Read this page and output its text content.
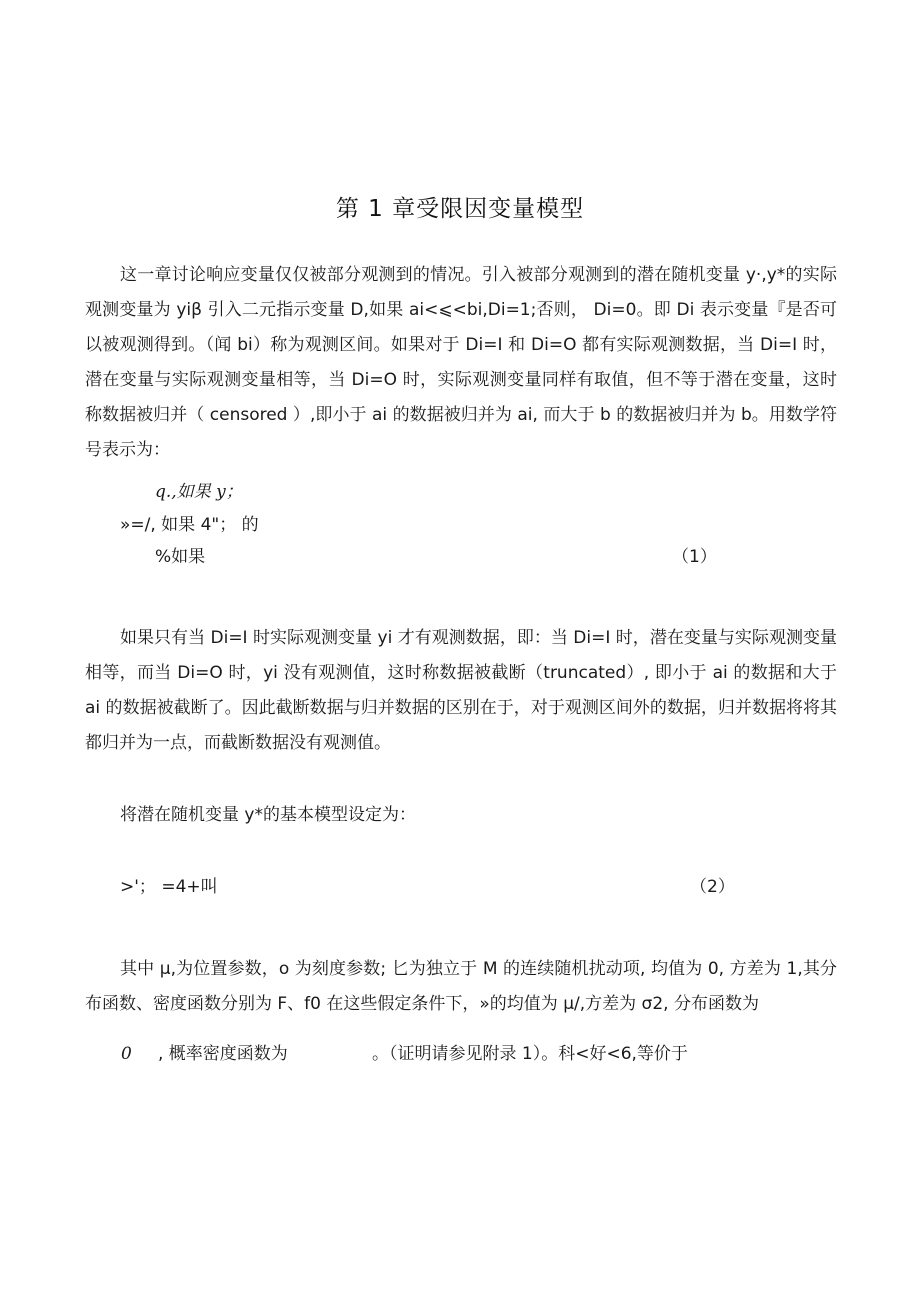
第 1 章受限因变量模型

这一章讨论响应变量仅仅被部分观测到的情况。引入被部分观测到的潜在随机变量 y·,y*的实际观测变量为 yiβ 引入二元指示变量 D,如果 ai<⩽<bi,Di=1;否则， Di=0。即 Di 表示变量『是否可以被观测得到。（闻 bi）称为观测区间。如果对于 Di=I 和 Di=O 都有实际观测数据，当 Di=I 时，潜在变量与实际观测变量相等，当 Di=O 时，实际观测变量同样有取值，但不等于潜在变量，这时称数据被归并（ censored ）,即小于 ai 的数据被归并为 ai, 而大于 b 的数据被归并为 b。用数学符号表示为：

q.,如果 y；
»=/, 如果 4"； 的
%如果	（1）

如果只有当 Di=I 时实际观测变量 yi 才有观测数据，即：当 Di=I 时，潜在变量与实际观测变量相等，而当 Di=O 时，yi 没有观测值，这时称数据被截断（truncated）, 即小于 ai 的数据和大于 ai 的数据被截断了。因此截断数据与归并数据的区别在于，对于观测区间外的数据，归并数据将将其都归并为一点，而截断数据没有观测值。

将潜在随机变量 y*的基本模型设定为：

>'； =4+叫	（2）

其中 μ,为位置参数，o 为刻度参数; 匕为独立于 M 的连续随机扰动项, 均值为 0, 方差为 1,其分布函数、密度函数分别为 F、f0 在这些假定条件下，»的均值为 μ/,方差为 σ2, 分布函数为

0 , 概率密度函数为	。（证明请参见附录 1）。科<好<6,等价于
